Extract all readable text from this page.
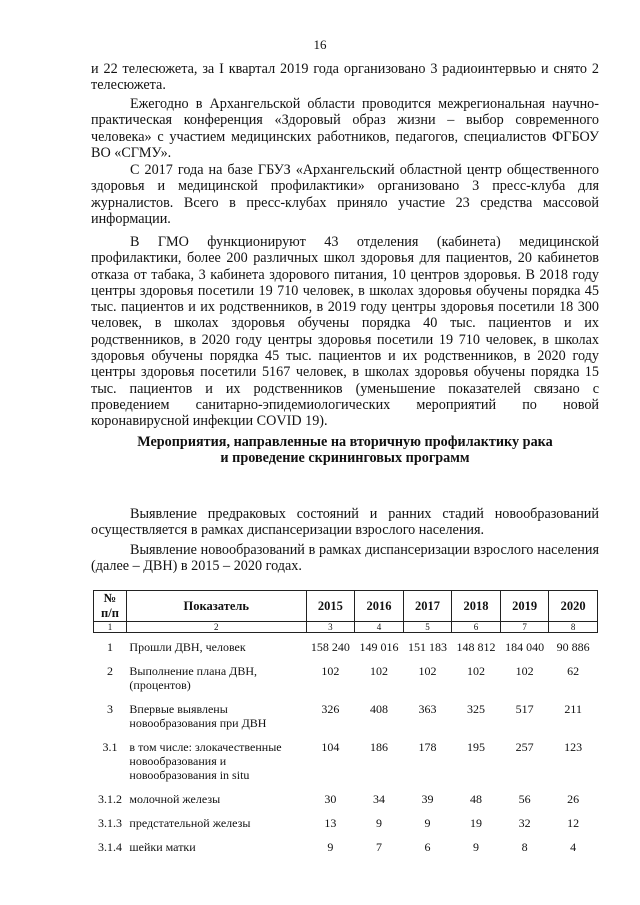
16

и 22 телесюжета, за I квартал 2019 года организовано 3 радиоинтервью и снято 2 телесюжета.

Ежегодно в Архангельской области проводится межрегиональная научно-практическая конференция «Здоровый образ жизни – выбор современного человека» с участием медицинских работников, педагогов, специалистов ФГБОУ ВО «СГМУ».

С 2017 года на базе ГБУЗ «Архангельский областной центр общественного здоровья и медицинской профилактики» организовано 3 пресс-клуба для журналистов. Всего в пресс-клубах приняло участие 23 средства массовой информации.

В ГМО функционируют 43 отделения (кабинета) медицинской профилактики, более 200 различных школ здоровья для пациентов, 20 кабинетов отказа от табака, 3 кабинета здорового питания, 10 центров здоровья. В 2018 году центры здоровья посетили 19 710 человек, в школах здоровья обучены порядка 45 тыс. пациентов и их родственников, в 2019 году центры здоровья посетили 18 300 человек, в школах здоровья обучены порядка 40 тыс. пациентов и их родственников, в 2020 году центры здоровья посетили 19 710 человек, в школах здоровья обучены порядка 45 тыс. пациентов и их родственников, в 2020 году центры здоровья посетили 5167 человек, в школах здоровья обучены порядка 15 тыс. пациентов и их родственников (уменьшение показателей связано с проведением санитарно-эпидемиологических мероприятий по новой коронавирусной инфекции COVID 19).

Мероприятия, направленные на вторичную профилактику рака
и проведение скрининговых программ

Выявление предраковых состояний и ранних стадий новообразований осуществляется в рамках диспансеризации взрослого населения.

Выявление новообразований в рамках диспансеризации взрослого населения (далее – ДВН) в 2015 – 2020 годах.

№ п/п	Показатель	2015	2016	2017	2018	2019	2020
1	2	3	4	5	6	7	8
1	Прошли ДВН, человек	158 240	149 016	151 183	148 812	184 040	90 886
2	Выполнение плана ДВН, (процентов)	102	102	102	102	102	62
3	Впервые выявлены новообразования при ДВН	326	408	363	325	517	211
3.1	в том числе: злокачественные новообразования и новообразования in situ	104	186	178	195	257	123
3.1.2	молочной железы	30	34	39	48	56	26
3.1.3	предстательной железы	13	9	9	19	32	12
3.1.4	шейки матки	9	7	6	9	8	4
